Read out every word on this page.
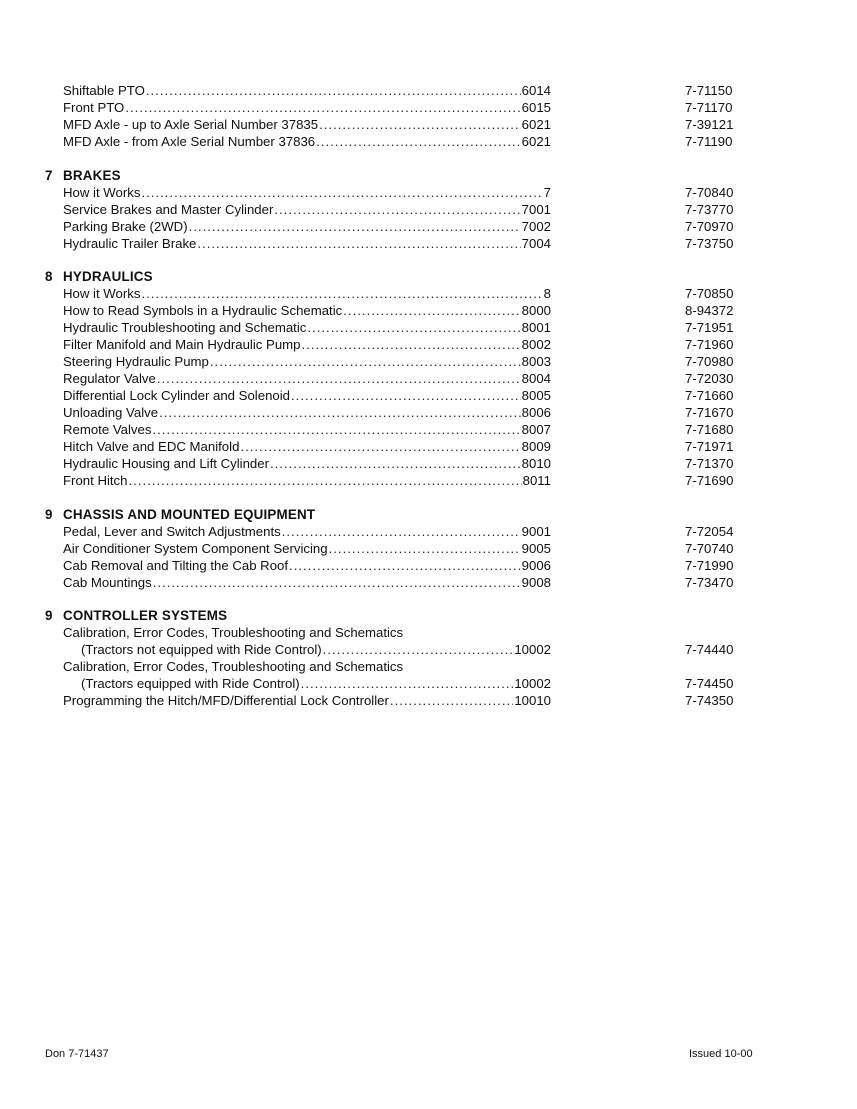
Shiftable PTO .....	6014	7-71150
Front PTO .....	6015	7-71170
MFD Axle - up to Axle Serial Number 37835 .....	6021	7-39121
MFD Axle - from Axle Serial Number 37836 .....	6021	7-71190
7 BRAKES
How it Works .....	7	7-70840
Service Brakes and Master Cylinder .....	7001	7-73770
Parking Brake (2WD) .....	7002	7-70970
Hydraulic Trailer Brake .....	7004	7-73750
8 HYDRAULICS
How it Works .....	8	7-70850
How to Read Symbols in a Hydraulic Schematic .....	8000	8-94372
Hydraulic Troubleshooting and Schematic .....	8001	7-71951
Filter Manifold and Main Hydraulic Pump .....	8002	7-71960
Steering Hydraulic Pump .....	8003	7-70980
Regulator Valve .....	8004	7-72030
Differential Lock Cylinder and Solenoid .....	8005	7-71660
Unloading Valve .....	8006	7-71670
Remote Valves .....	8007	7-71680
Hitch Valve and EDC Manifold .....	8009	7-71971
Hydraulic Housing and Lift Cylinder .....	8010	7-71370
Front Hitch .....	8011	7-71690
9 CHASSIS AND MOUNTED EQUIPMENT
Pedal, Lever and Switch Adjustments .....	9001	7-72054
Air Conditioner System Component Servicing .....	9005	7-70740
Cab Removal and Tilting the Cab Roof .....	9006	7-71990
Cab Mountings .....	9008	7-73470
9 CONTROLLER SYSTEMS
Calibration, Error Codes, Troubleshooting and Schematics
(Tractors not equipped with Ride Control) .....	10002	7-74440
Calibration, Error Codes, Troubleshooting and Schematics
(Tractors equipped with Ride Control) .....	10002	7-74450
Programming the Hitch/MFD/Differential Lock Controller .....	10010	7-74350
Don 7-71437	Issued 10-00
